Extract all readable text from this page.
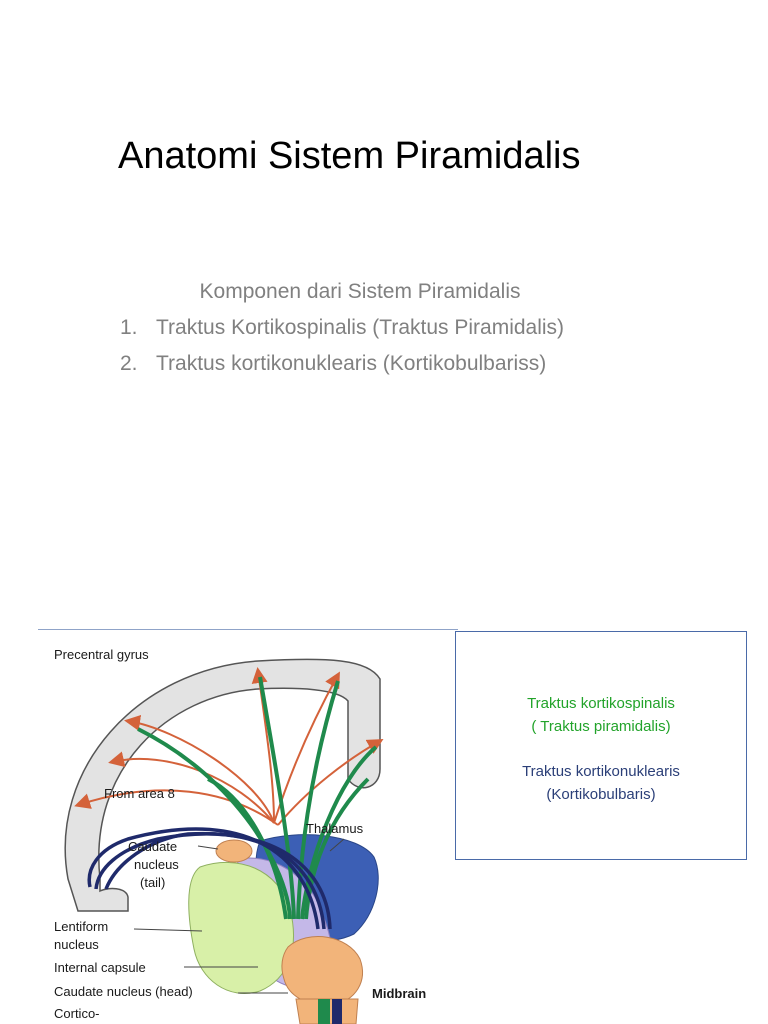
Anatomi Sistem Piramidalis
Komponen dari Sistem Piramidalis
1. Traktus Kortikospinalis (Traktus Piramidalis)
2. Traktus kortikonuklearis (Kortikobulbariss)
Precentral gyrus
From area 8
Thalamus
Caudate
nucleus
(tail)
Lentiform
nucleus
Internal capsule
Caudate nucleus (head)	Midbrain
Cortico-
Traktus kortikospinalis
( Traktus piramidalis)
Traktus kortikonuklearis
(Kortikobulbaris)
